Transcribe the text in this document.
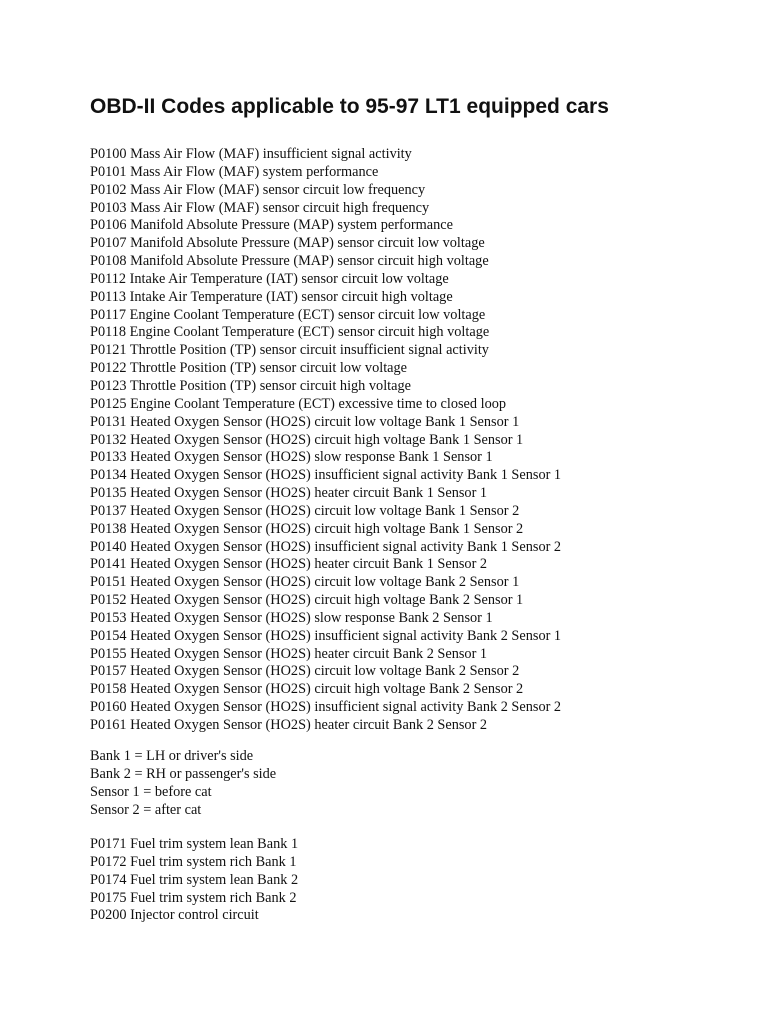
OBD-II Codes applicable to 95-97 LT1 equipped cars
P0100 Mass Air Flow (MAF) insufficient signal activity
P0101 Mass Air Flow (MAF) system performance
P0102 Mass Air Flow (MAF) sensor circuit low frequency
P0103 Mass Air Flow (MAF) sensor circuit high frequency
P0106 Manifold Absolute Pressure (MAP) system performance
P0107 Manifold Absolute Pressure (MAP) sensor circuit low voltage
P0108 Manifold Absolute Pressure (MAP) sensor circuit high voltage
P0112 Intake Air Temperature (IAT) sensor circuit low voltage
P0113 Intake Air Temperature (IAT) sensor circuit high voltage
P0117 Engine Coolant Temperature (ECT) sensor circuit low voltage
P0118 Engine Coolant Temperature (ECT) sensor circuit high voltage
P0121 Throttle Position (TP) sensor circuit insufficient signal activity
P0122 Throttle Position (TP) sensor circuit low voltage
P0123 Throttle Position (TP) sensor circuit high voltage
P0125 Engine Coolant Temperature (ECT) excessive time to closed loop
P0131 Heated Oxygen Sensor (HO2S) circuit low voltage Bank 1 Sensor 1
P0132 Heated Oxygen Sensor (HO2S) circuit high voltage Bank 1 Sensor 1
P0133 Heated Oxygen Sensor (HO2S) slow response Bank 1 Sensor 1
P0134 Heated Oxygen Sensor (HO2S) insufficient signal activity Bank 1 Sensor 1
P0135 Heated Oxygen Sensor (HO2S) heater circuit Bank 1 Sensor 1
P0137 Heated Oxygen Sensor (HO2S) circuit low voltage Bank 1 Sensor 2
P0138 Heated Oxygen Sensor (HO2S) circuit high voltage Bank 1 Sensor 2
P0140 Heated Oxygen Sensor (HO2S) insufficient signal activity Bank 1 Sensor 2
P0141 Heated Oxygen Sensor (HO2S) heater circuit Bank 1 Sensor 2
P0151 Heated Oxygen Sensor (HO2S) circuit low voltage Bank 2 Sensor 1
P0152 Heated Oxygen Sensor (HO2S) circuit high voltage Bank 2 Sensor 1
P0153 Heated Oxygen Sensor (HO2S) slow response Bank 2 Sensor 1
P0154 Heated Oxygen Sensor (HO2S) insufficient signal activity Bank 2 Sensor 1
P0155 Heated Oxygen Sensor (HO2S) heater circuit Bank 2 Sensor 1
P0157 Heated Oxygen Sensor (HO2S) circuit low voltage Bank 2 Sensor 2
P0158 Heated Oxygen Sensor (HO2S) circuit high voltage Bank 2 Sensor 2
P0160 Heated Oxygen Sensor (HO2S) insufficient signal activity Bank 2 Sensor 2
P0161 Heated Oxygen Sensor (HO2S) heater circuit Bank 2 Sensor 2
Bank 1 = LH or driver's side
Bank 2 = RH or passenger's side
Sensor 1 = before cat
Sensor 2 = after cat
P0171 Fuel trim system lean Bank 1
P0172 Fuel trim system rich Bank 1
P0174 Fuel trim system lean Bank 2
P0175 Fuel trim system rich Bank 2
P0200 Injector control circuit
